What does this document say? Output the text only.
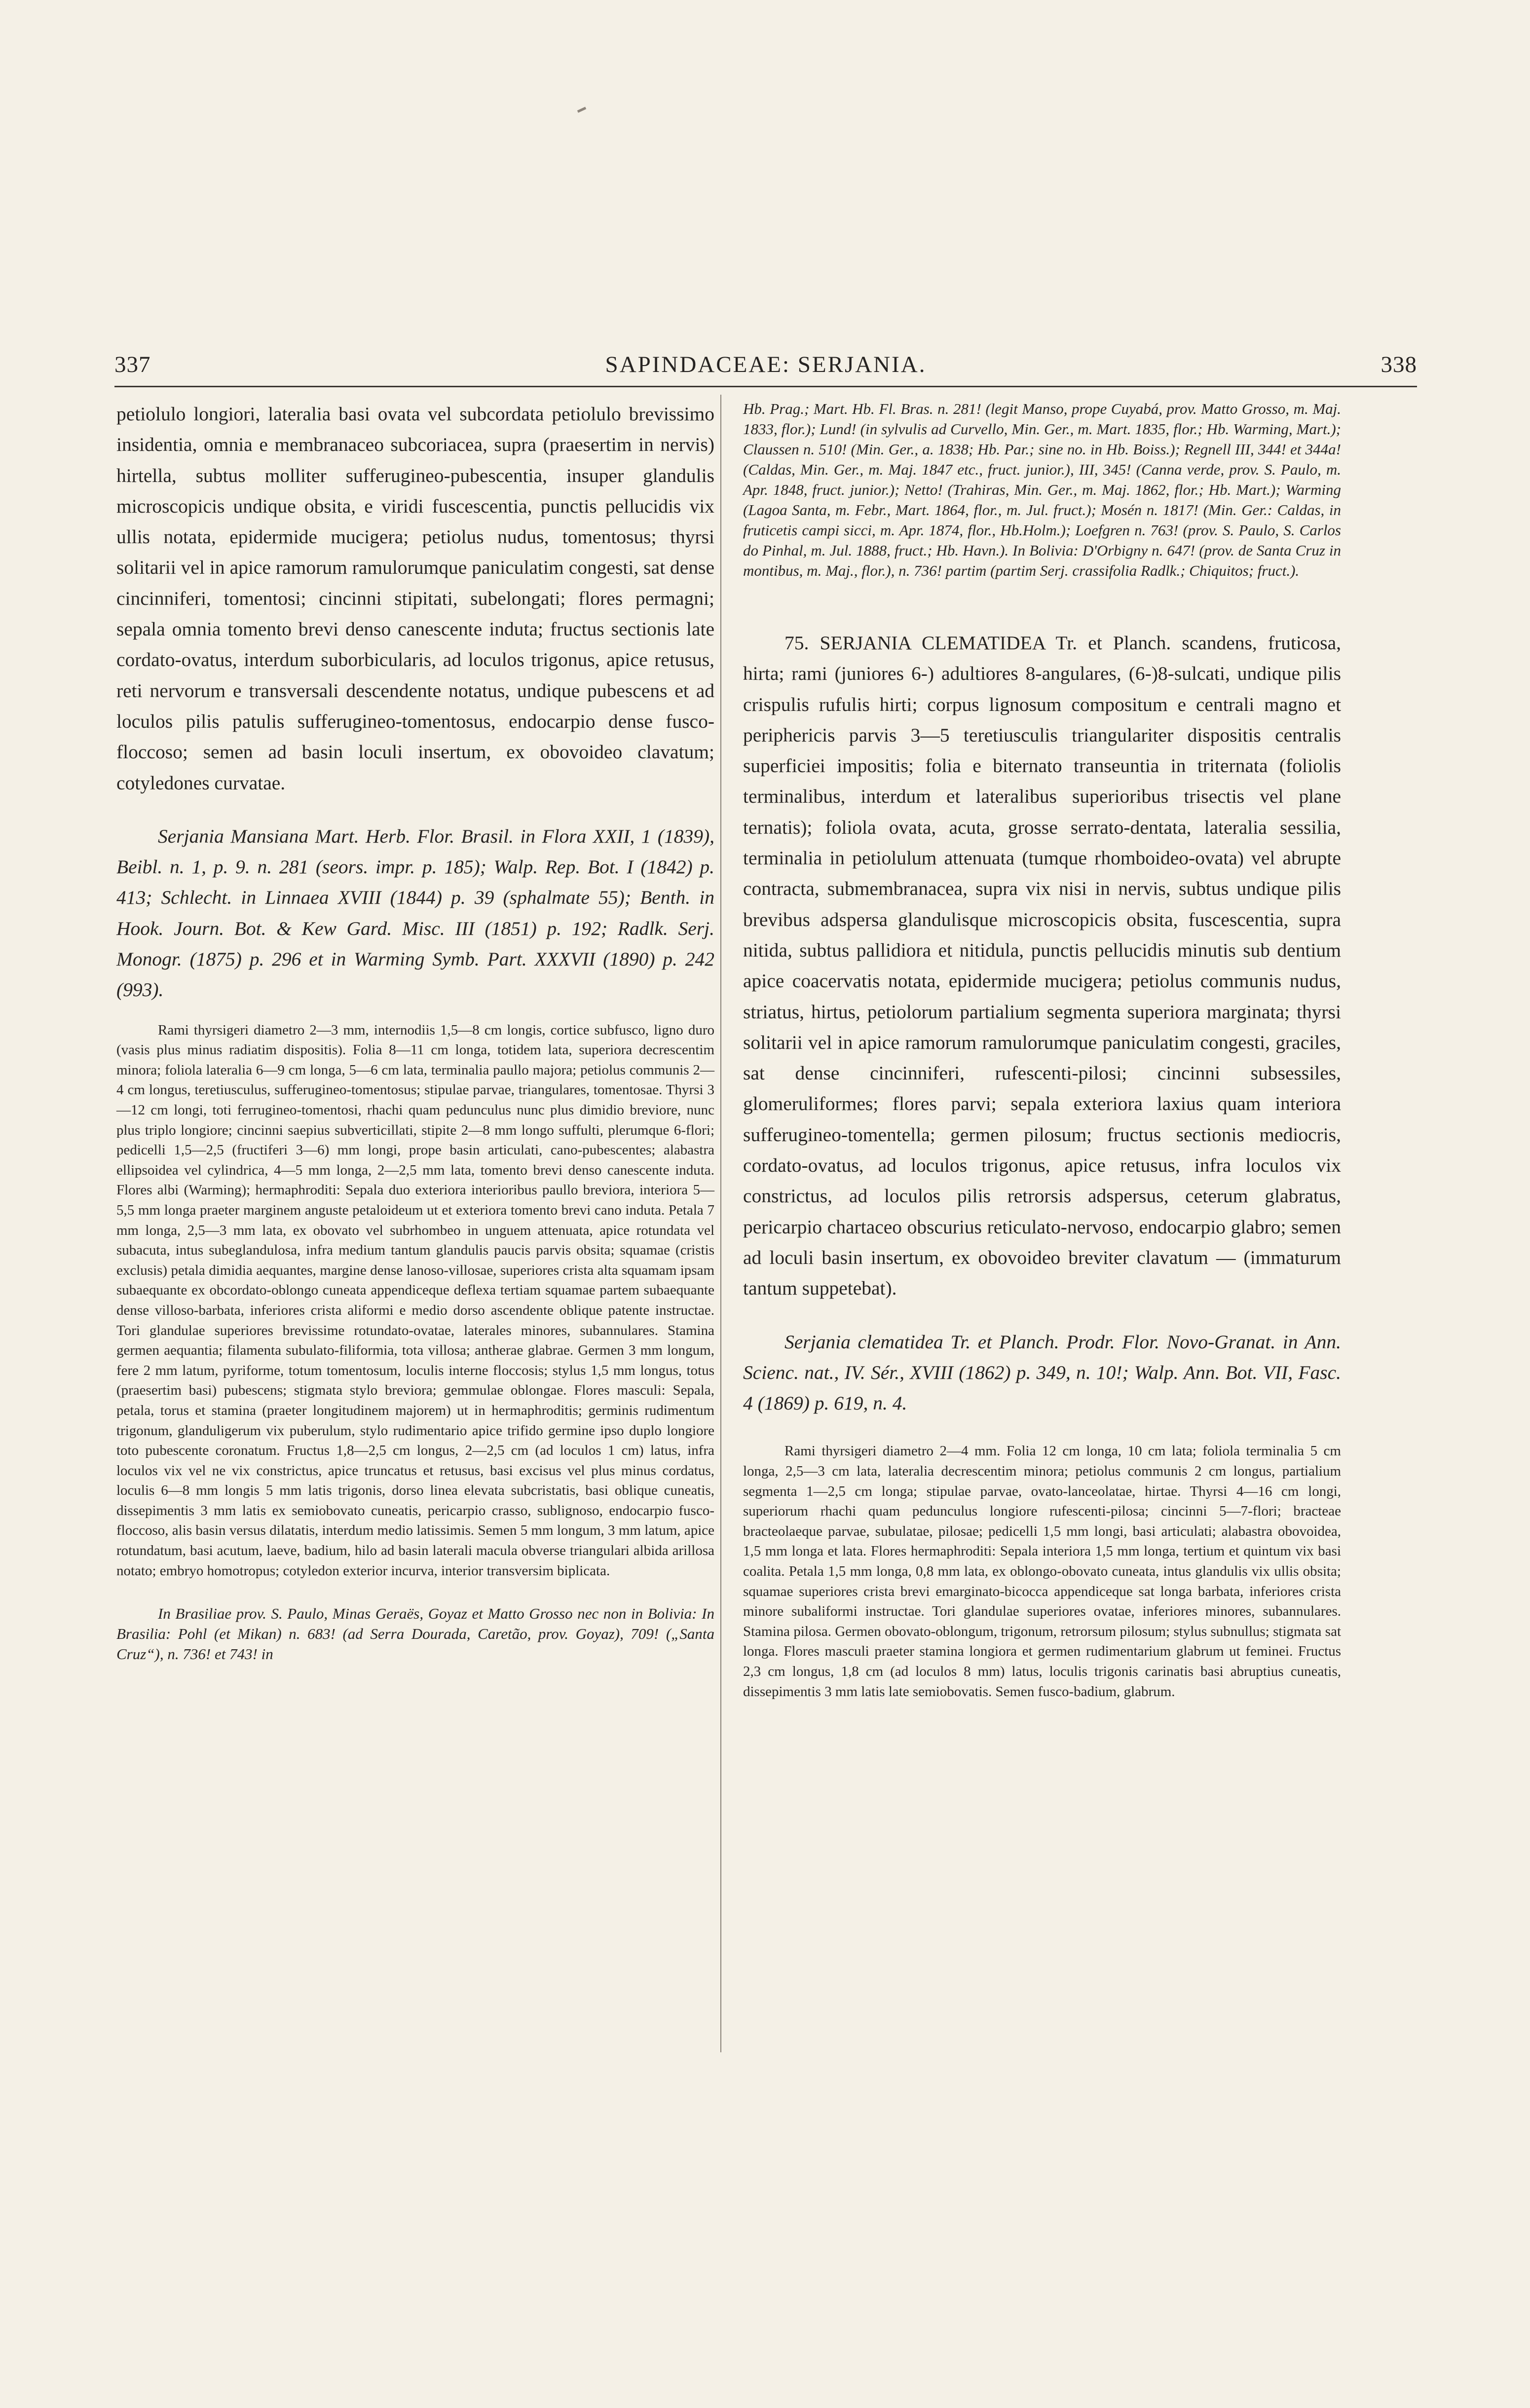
337	SAPINDACEAE: SERJANIA.	338

petiolulo longiori, lateralia basi ovata vel subcordata petiolulo brevissimo insidentia, omnia e membranaceo subcoriacea, supra (praesertim in nervis) hirtella, subtus molliter sufferugineo-pubescentia, insuper glandulis microscopicis undique obsita, e viridi fuscescentia, punctis pellucidis vix ullis notata, epidermide mucigera; petiolus nudus, tomentosus; thyrsi solitarii vel in apice ramorum ramulorumque paniculatim congesti, sat dense cincinniferi, tomentosi; cincinni stipitati, subelongati; flores permagni; sepala omnia tomento brevi denso canescente induta; fructus sectionis late cordato-ovatus, interdum suborbicularis, ad loculos trigonus, apice retusus, reti nervorum e transversali descendente notatus, undique pubescens et ad loculos pilis patulis sufferugineo-tomentosus, endocarpio dense fusco-floccoso; semen ad basin loculi insertum, ex obovoideo clavatum; cotyledones curvatae.

Serjania Mansiana Mart. Herb. Flor. Brasil. in Flora XXII, 1 (1839), Beibl. n. 1, p. 9. n. 281 (seors. impr. p. 185); Walp. Rep. Bot. I (1842) p. 413; Schlecht. in Linnaea XVIII (1844) p. 39 (sphalmate 55); Benth. in Hook. Journ. Bot. & Kew Gard. Misc. III (1851) p. 192; Radlk. Serj. Monogr. (1875) p. 296 et in Warming Symb. Part. XXXVII (1890) p. 242 (993).

Rami thyrsigeri diametro 2—3 mm, internodiis 1,5—8 cm longis, cortice subfusco, ligno duro (vasis plus minus radiatim dispositis). Folia 8—11 cm longa, totidem lata, superiora decrescentim minora; foliola lateralia 6—9 cm longa, 5—6 cm lata, terminalia paullo majora; petiolus communis 2—4 cm longus, teretiusculus, sufferugineo-tomentosus; stipulae parvae, triangulares, tomentosae. Thyrsi 3—12 cm longi, toti ferrugineo-tomentosi, rhachi quam pedunculus nunc plus dimidio breviore, nunc plus triplo longiore; cincinni saepius subverticillati, stipite 2—8 mm longo suffulti, plerumque 6-flori; pedicelli 1,5—2,5 (fructiferi 3—6) mm longi, prope basin articulati, cano-pubescentes; alabastra ellipsoidea vel cylindrica, 4—5 mm longa, 2—2,5 mm lata, tomento brevi denso canescente induta. Flores albi (Warming); hermaphroditi: Sepala duo exteriora interioribus paullo breviora, interiora 5—5,5 mm longa praeter marginem anguste petaloideum ut et exteriora tomento brevi cano induta. Petala 7 mm longa, 2,5—3 mm lata, ex obovato vel subrhombeo in unguem attenuata, apice rotundata vel subacuta, intus subeglandulosa, infra medium tantum glandulis paucis parvis obsita; squamae (cristis exclusis) petala dimidia aequantes, margine dense lanoso-villosae, superiores crista alta squamam ipsam subaequante ex obcordato-oblongo cuneata appendiceque deflexa tertiam squamae partem subaequante dense villoso-barbata, inferiores crista aliformi e medio dorso ascendente oblique patente instructae. Tori glandulae superiores brevissime rotundato-ovatae, laterales minores, subannulares. Stamina germen aequantia; filamenta subulato-filiformia, tota villosa; antherae glabrae. Germen 3 mm longum, fere 2 mm latum, pyriforme, totum tomentosum, loculis interne floccosis; stylus 1,5 mm longus, totus (praesertim basi) pubescens; stigmata stylo breviora; gemmulae oblongae. Flores masculi: Sepala, petala, torus et stamina (praeter longitudinem majorem) ut in hermaphroditis; germinis rudimentum trigonum, glanduligerum vix puberulum, stylo rudimentario apice trifido germine ipso duplo longiore toto pubescente coronatum. Fructus 1,8—2,5 cm longus, 2—2,5 cm (ad loculos 1 cm) latus, infra loculos vix vel ne vix constrictus, apice truncatus et retusus, basi excisus vel plus minus cordatus, loculis 6—8 mm longis 5 mm latis trigonis, dorso linea elevata subcristatis, basi oblique cuneatis, dissepimentis 3 mm latis ex semiobovato cuneatis, pericarpio crasso, sublignoso, endocarpio fusco-floccoso, alis basin versus dilatatis, interdum medio latissimis. Semen 5 mm longum, 3 mm latum, apice rotundatum, basi acutum, laeve, badium, hilo ad basin laterali macula obverse triangulari albida arillosa notato; embryo homotropus; cotyledon exterior incurva, interior transversim biplicata.

In Brasiliae prov. S. Paulo, Minas Geraës, Goyaz et Matto Grosso nec non in Bolivia: In Brasilia: Pohl (et Mikan) n. 683! (ad Serra Dourada, Caretão, prov. Goyaz), 709! („Santa Cruz“), n. 736! et 743! in

Hb. Prag.; Mart. Hb. Fl. Bras. n. 281! (legit Manso, prope Cuyabá, prov. Matto Grosso, m. Maj. 1833, flor.); Lund! (in sylvulis ad Curvello, Min. Ger., m. Mart. 1835, flor.; Hb. Warming, Mart.); Claussen n. 510! (Min. Ger., a. 1838; Hb. Par.; sine no. in Hb. Boiss.); Regnell III, 344! et 344a! (Caldas, Min. Ger., m. Maj. 1847 etc., fruct. junior.), III, 345! (Canna verde, prov. S. Paulo, m. Apr. 1848, fruct. junior.); Netto! (Trahiras, Min. Ger., m. Maj. 1862, flor.; Hb. Mart.); Warming (Lagoa Santa, m. Febr., Mart. 1864, flor., m. Jul. fruct.); Mosén n. 1817! (Min. Ger.: Caldas, in fruticetis campi sicci, m. Apr. 1874, flor., Hb.Holm.); Loefgren n. 763! (prov. S. Paulo, S. Carlos do Pinhal, m. Jul. 1888, fruct.; Hb. Havn.). In Bolivia: D'Orbigny n. 647! (prov. de Santa Cruz in montibus, m. Maj., flor.), n. 736! partim (partim Serj. crassifolia Radlk.; Chiquitos; fruct.).

75. SERJANIA CLEMATIDEA Tr. et Planch. scandens, fruticosa, hirta; rami (juniores 6-) adultiores 8-angulares, (6-)8-sulcati, undique pilis crispulis rufulis hirti; corpus lignosum compositum e centrali magno et periphericis parvis 3—5 teretiusculis triangulariter dispositis centralis superficiei impositis; folia e biternato transeuntia in triternata (foliolis terminalibus, interdum et lateralibus superioribus trisectis vel plane ternatis); foliola ovata, acuta, grosse serrato-dentata, lateralia sessilia, terminalia in petiolulum attenuata (tumque rhomboideo-ovata) vel abrupte contracta, submembranacea, supra vix nisi in nervis, subtus undique pilis brevibus adspersa glandulisque microscopicis obsita, fuscescentia, supra nitida, subtus pallidiora et nitidula, punctis pellucidis minutis sub dentium apice coacervatis notata, epidermide mucigera; petiolus communis nudus, striatus, hirtus, petiolorum partialium segmenta superiora marginata; thyrsi solitarii vel in apice ramorum ramulorumque paniculatim congesti, graciles, sat dense cincinniferi, rufescenti-pilosi; cincinni subsessiles, glomeruliformes; flores parvi; sepala exteriora laxius quam interiora sufferugineo-tomentella; germen pilosum; fructus sectionis mediocris, cordato-ovatus, ad loculos trigonus, apice retusus, infra loculos vix constrictus, ad loculos pilis retrorsis adspersus, ceterum glabratus, pericarpio chartaceo obscurius reticulato-nervoso, endocarpio glabro; semen ad loculi basin insertum, ex obovoideo breviter clavatum — (immaturum tantum suppetebat).

Serjania clematidea Tr. et Planch. Prodr. Flor. Novo-Granat. in Ann. Scienc. nat., IV. Sér., XVIII (1862) p. 349, n. 10!; Walp. Ann. Bot. VII, Fasc. 4 (1869) p. 619, n. 4.

Rami thyrsigeri diametro 2—4 mm. Folia 12 cm longa, 10 cm lata; foliola terminalia 5 cm longa, 2,5—3 cm lata, lateralia decrescentim minora; petiolus communis 2 cm longus, partialium segmenta 1—2,5 cm longa; stipulae parvae, ovato-lanceolatae, hirtae. Thyrsi 4—16 cm longi, superiorum rhachi quam pedunculus longiore rufescenti-pilosa; cincinni 5—7-flori; bracteae bracteolaeque parvae, subulatae, pilosae; pedicelli 1,5 mm longi, basi articulati; alabastra obovoidea, 1,5 mm longa et lata. Flores hermaphroditi: Sepala interiora 1,5 mm longa, tertium et quintum vix basi coalita. Petala 1,5 mm longa, 0,8 mm lata, ex oblongo-obovato cuneata, intus glandulis vix ullis obsita; squamae superiores crista brevi emarginato-bicocca appendiceque sat longa barbata, inferiores crista minore subaliformi instructae. Tori glandulae superiores ovatae, inferiores minores, subannulares. Stamina pilosa. Germen obovato-oblongum, trigonum, retrorsum pilosum; stylus subnullus; stigmata sat longa. Flores masculi praeter stamina longiora et germen rudimentarium glabrum ut feminei. Fructus 2,3 cm longus, 1,8 cm (ad loculos 8 mm) latus, loculis trigonis carinatis basi abruptius cuneatis, dissepimentis 3 mm latis late semiobovatis. Semen fusco-badium, glabrum.
